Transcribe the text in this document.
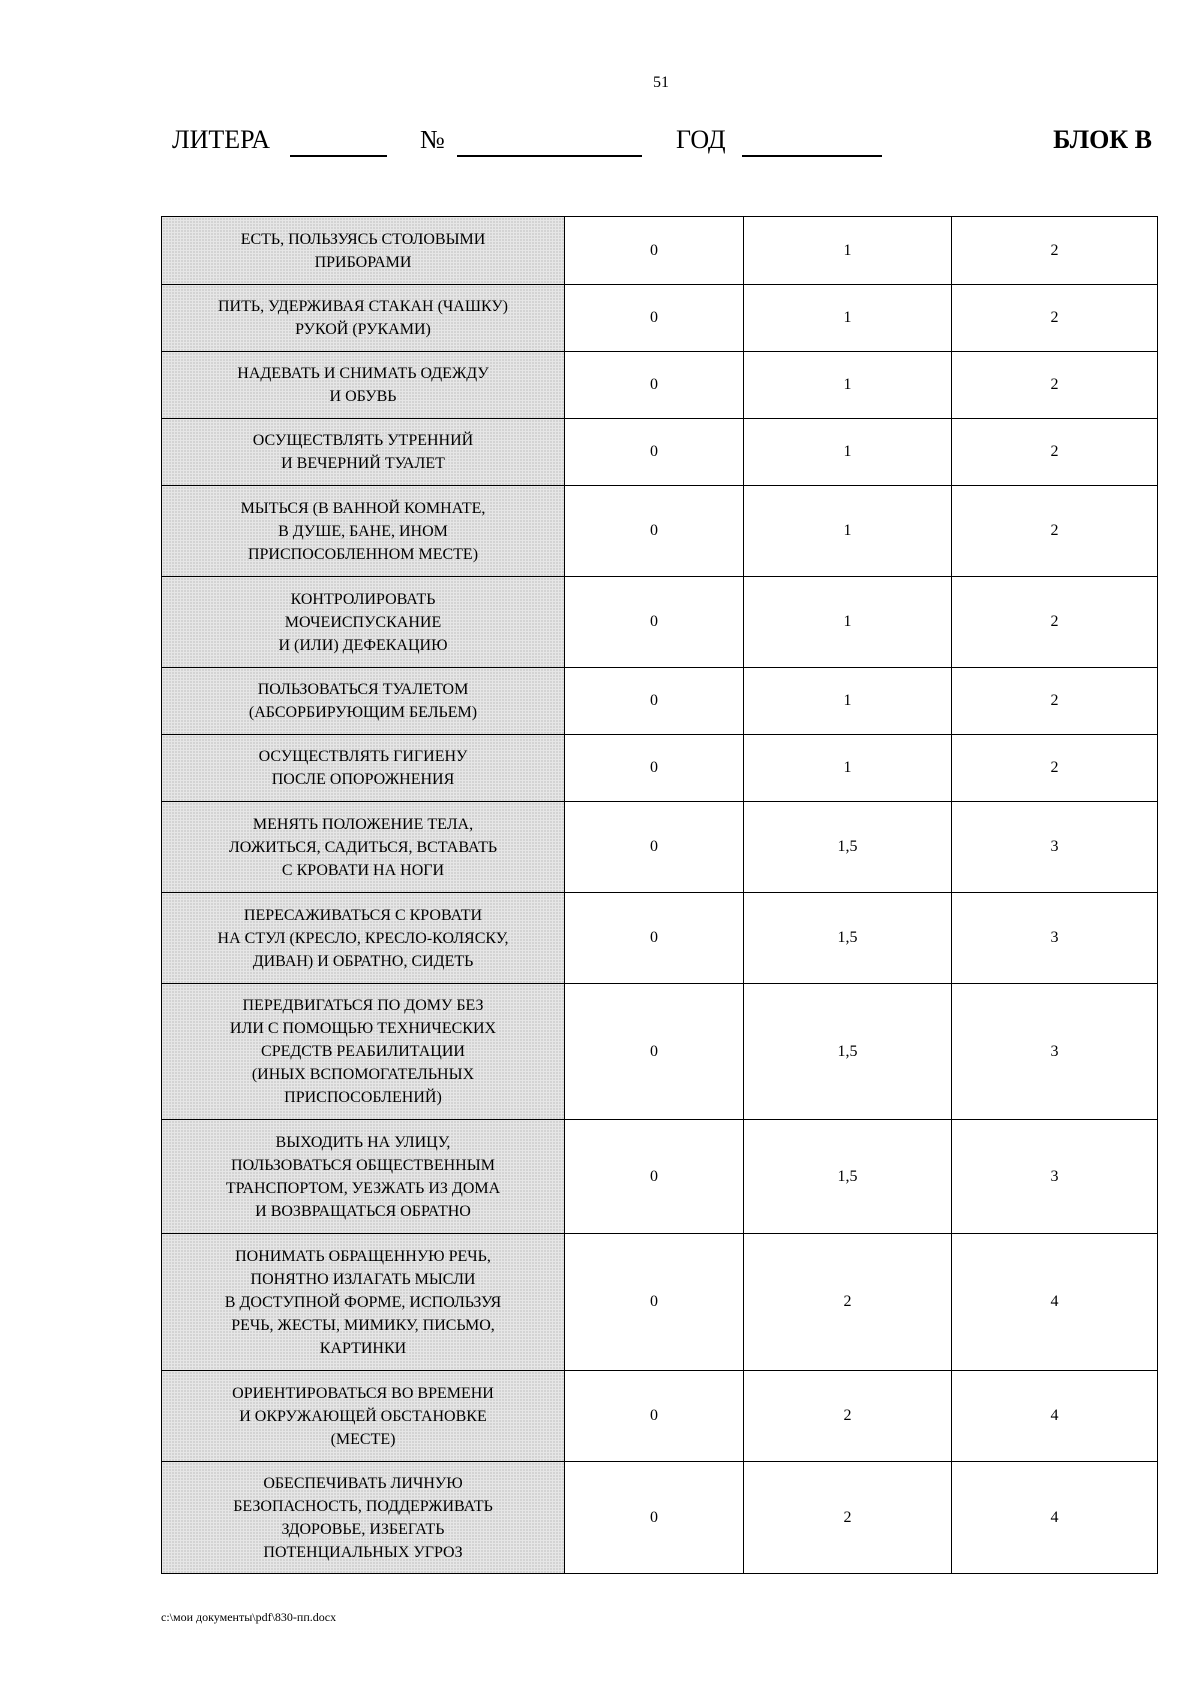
51
ЛИТЕРА	№	ГОД	БЛОК В
ЕСТЬ, ПОЛЬЗУЯСЬ СТОЛОВЫМИ
ПРИБОРАМИ	0	1	2
ПИТЬ, УДЕРЖИВАЯ СТАКАН (ЧАШКУ)
РУКОЙ (РУКАМИ)	0	1	2
НАДЕВАТЬ И СНИМАТЬ ОДЕЖДУ
И ОБУВЬ	0	1	2
ОСУЩЕСТВЛЯТЬ УТРЕННИЙ
И ВЕЧЕРНИЙ ТУАЛЕТ	0	1	2
МЫТЬСЯ (В ВАННОЙ КОМНАТЕ,
В ДУШЕ, БАНЕ, ИНОМ
ПРИСПОСОБЛЕННОМ МЕСТЕ)	0	1	2
КОНТРОЛИРОВАТЬ
МОЧЕИСПУСКАНИЕ
И (ИЛИ) ДЕФЕКАЦИЮ	0	1	2
ПОЛЬЗОВАТЬСЯ ТУАЛЕТОМ
(АБСОРБИРУЮЩИМ БЕЛЬЕМ)	0	1	2
ОСУЩЕСТВЛЯТЬ ГИГИЕНУ
ПОСЛЕ ОПОРОЖНЕНИЯ	0	1	2
МЕНЯТЬ ПОЛОЖЕНИЕ ТЕЛА,
ЛОЖИТЬСЯ, САДИТЬСЯ, ВСТАВАТЬ
С КРОВАТИ НА НОГИ	0	1,5	3
ПЕРЕСАЖИВАТЬСЯ С КРОВАТИ
НА СТУЛ (КРЕСЛО, КРЕСЛО-КОЛЯСКУ,
ДИВАН) И ОБРАТНО, СИДЕТЬ	0	1,5	3
ПЕРЕДВИГАТЬСЯ ПО ДОМУ БЕЗ
ИЛИ С ПОМОЩЬЮ ТЕХНИЧЕСКИХ
СРЕДСТВ РЕАБИЛИТАЦИИ
(ИНЫХ ВСПОМОГАТЕЛЬНЫХ
ПРИСПОСОБЛЕНИЙ)	0	1,5	3
ВЫХОДИТЬ НА УЛИЦУ,
ПОЛЬЗОВАТЬСЯ ОБЩЕСТВЕННЫМ
ТРАНСПОРТОМ, УЕЗЖАТЬ ИЗ ДОМА
И ВОЗВРАЩАТЬСЯ ОБРАТНО	0	1,5	3
ПОНИМАТЬ ОБРАЩЕННУЮ РЕЧЬ,
ПОНЯТНО ИЗЛАГАТЬ МЫСЛИ
В ДОСТУПНОЙ ФОРМЕ, ИСПОЛЬЗУЯ
РЕЧЬ, ЖЕСТЫ, МИМИКУ, ПИСЬМО,
КАРТИНКИ	0	2	4
ОРИЕНТИРОВАТЬСЯ ВО ВРЕМЕНИ
И ОКРУЖАЮЩЕЙ ОБСТАНОВКЕ
(МЕСТЕ)	0	2	4
ОБЕСПЕЧИВАТЬ ЛИЧНУЮ
БЕЗОПАСНОСТЬ, ПОДДЕРЖИВАТЬ
ЗДОРОВЬЕ, ИЗБЕГАТЬ
ПОТЕНЦИАЛЬНЫХ УГРОЗ	0	2	4
c:\мои документы\pdf\830-пп.docx
